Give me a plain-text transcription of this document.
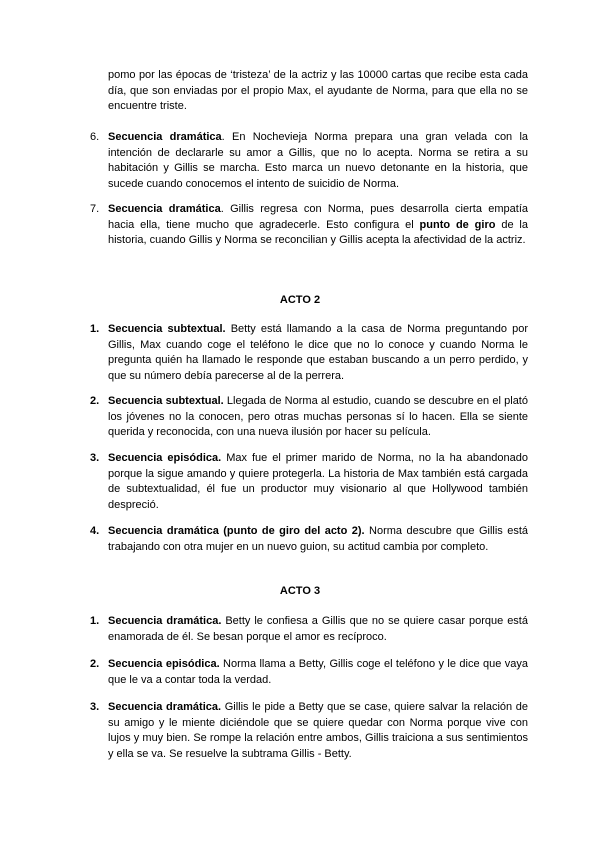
pomo por las épocas de ‘tristeza’ de la actriz y las 10000 cartas que recibe esta cada día, que son enviadas por el propio Max, el ayudante de Norma, para que ella no se encuentre triste.

6. Secuencia dramática. En Nochevieja Norma prepara una gran velada con la intención de declararle su amor a Gillis, que no lo acepta. Norma se retira a su habitación y Gillis se marcha. Esto marca un nuevo detonante en la historia, que sucede cuando conocemos el intento de suicidio de Norma.
7. Secuencia dramática. Gillis regresa con Norma, pues desarrolla cierta empatía hacia ella, tiene mucho que agradecerle. Esto configura el punto de giro de la historia, cuando Gillis y Norma se reconcilian y Gillis acepta la afectividad de la actriz.
ACTO 2
1. Secuencia subtextual. Betty está llamando a la casa de Norma preguntando por Gillis, Max cuando coge el teléfono le dice que no lo conoce y cuando Norma le pregunta quién ha llamado le responde que estaban buscando a un perro perdido, y que su número debía parecerse al de la perrera.
2. Secuencia subtextual. Llegada de Norma al estudio, cuando se descubre en el plató los jóvenes no la conocen, pero otras muchas personas sí lo hacen. Ella se siente querida y reconocida, con una nueva ilusión por hacer su película.
3. Secuencia episódica. Max fue el primer marido de Norma, no la ha abandonado porque la sigue amando y quiere protegerla. La historia de Max también está cargada de subtextualidad, él fue un productor muy visionario al que Hollywood también despreció.
4. Secuencia dramática (punto de giro del acto 2). Norma descubre que Gillis está trabajando con otra mujer en un nuevo guion, su actitud cambia por completo.
ACTO 3
1. Secuencia dramática. Betty le confiesa a Gillis que no se quiere casar porque está enamorada de él. Se besan porque el amor es recíproco.
2. Secuencia episódica. Norma llama a Betty, Gillis coge el teléfono y le dice que vaya que le va a contar toda la verdad.
3. Secuencia dramática. Gillis le pide a Betty que se case, quiere salvar la relación de su amigo y le miente diciéndole que se quiere quedar con Norma porque vive con lujos y muy bien. Se rompe la relación entre ambos, Gillis traiciona a sus sentimientos y ella se va. Se resuelve la subtrama Gillis - Betty.
